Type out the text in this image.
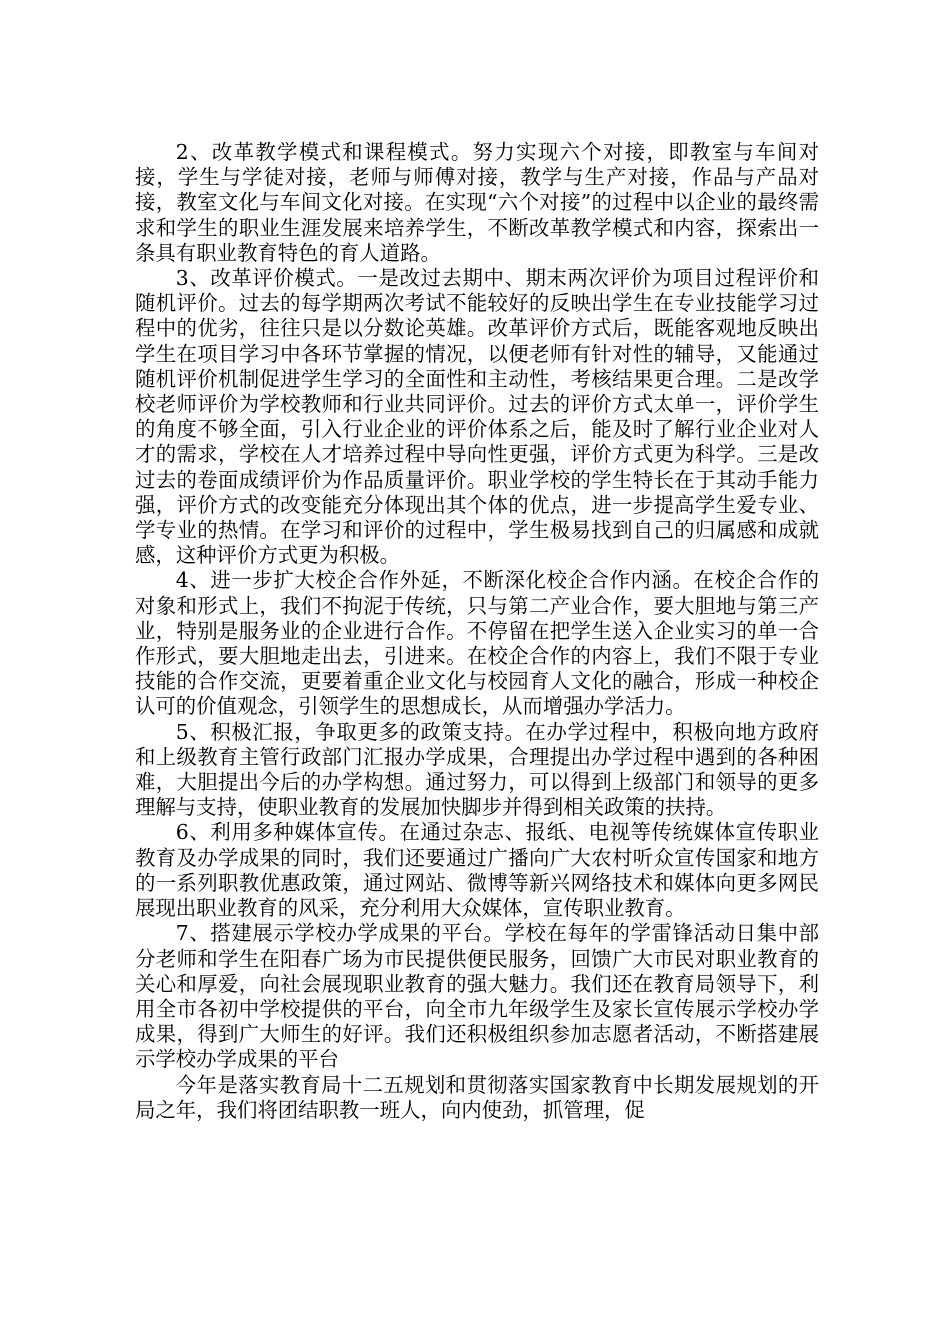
2、改革教学模式和课程模式。努力实现六个对接，即教室与车间对接，学生与学徒对接，老师与师傅对接，教学与生产对接，作品与产品对接，教室文化与车间文化对接。在实现“六个对接”的过程中以企业的最终需求和学生的职业生涯发展来培养学生，不断改革教学模式和内容，探索出一条具有职业教育特色的育人道路。

3、改革评价模式。一是改过去期中、期末两次评价为项目过程评价和随机评价。过去的每学期两次考试不能较好的反映出学生在专业技能学习过程中的优劣，往往只是以分数论英雄。改革评价方式后，既能客观地反映出学生在项目学习中各环节掌握的情况，以便老师有针对性的辅导，又能通过随机评价机制促进学生学习的全面性和主动性，考核结果更合理。二是改学校老师评价为学校教师和行业共同评价。过去的评价方式太单一，评价学生的角度不够全面，引入行业企业的评价体系之后，能及时了解行业企业对人才的需求，学校在人才培养过程中导向性更强，评价方式更为科学。三是改过去的卷面成绩评价为作品质量评价。职业学校的学生特长在于其动手能力强，评价方式的改变能充分体现出其个体的优点，进一步提高学生爱专业、学专业的热情。在学习和评价的过程中，学生极易找到自己的归属感和成就感，这种评价方式更为积极。

4、进一步扩大校企合作外延，不断深化校企合作内涵。在校企合作的对象和形式上，我们不拘泥于传统，只与第二产业合作，要大胆地与第三产业，特别是服务业的企业进行合作。不停留在把学生送入企业实习的单一合作形式，要大胆地走出去，引进来。在校企合作的内容上，我们不限于专业技能的合作交流，更要着重企业文化与校园育人文化的融合，形成一种校企认可的价值观念，引领学生的思想成长，从而增强办学活力。

5、积极汇报，争取更多的政策支持。在办学过程中，积极向地方政府和上级教育主管行政部门汇报办学成果，合理提出办学过程中遇到的各种困难，大胆提出今后的办学构想。通过努力，可以得到上级部门和领导的更多理解与支持，使职业教育的发展加快脚步并得到相关政策的扶持。

6、利用多种媒体宣传。在通过杂志、报纸、电视等传统媒体宣传职业教育及办学成果的同时，我们还要通过广播向广大农村听众宣传国家和地方的一系列职教优惠政策，通过网站、微博等新兴网络技术和媒体向更多网民展现出职业教育的风采，充分利用大众媒体，宣传职业教育。

7、搭建展示学校办学成果的平台。学校在每年的学雷锋活动日集中部分老师和学生在阳春广场为市民提供便民服务，回馈广大市民对职业教育的关心和厚爱，向社会展现职业教育的强大魅力。我们还在教育局领导下，利用全市各初中学校提供的平台，向全市九年级学生及家长宣传展示学校办学成果，得到广大师生的好评。我们还积极组织参加志愿者活动，不断搭建展示学校办学成果的平台

今年是落实教育局十二五规划和贯彻落实国家教育中长期发展规划的开局之年，我们将团结职教一班人，向内使劲，抓管理，促
